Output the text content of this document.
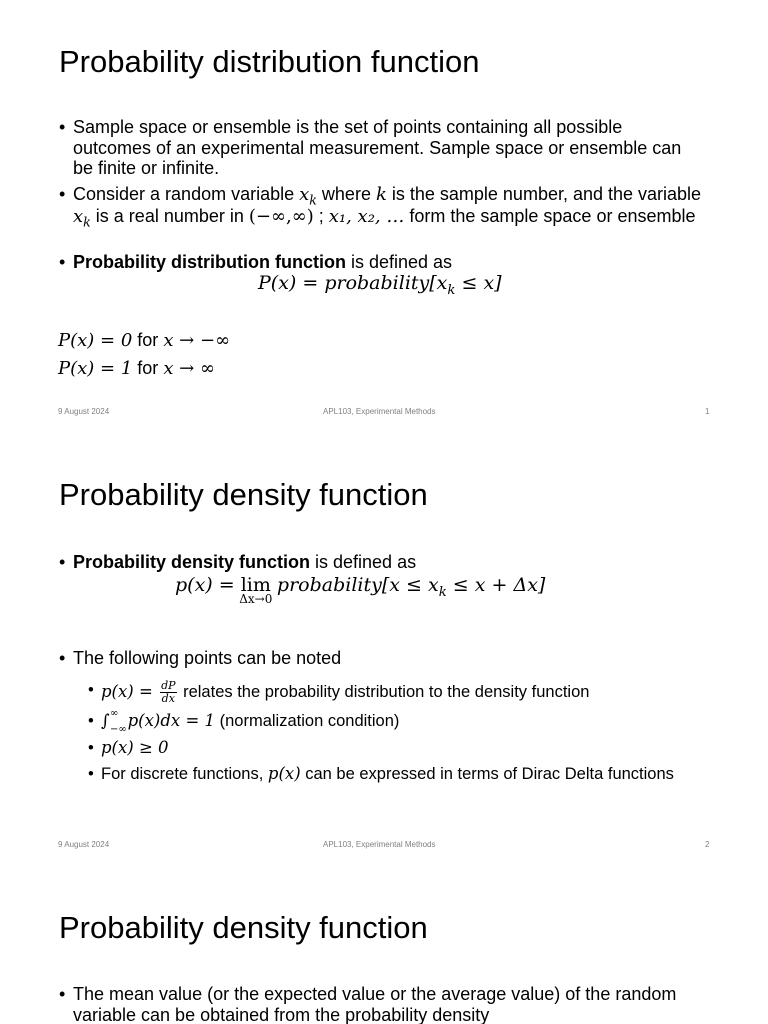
Probability distribution function
• Sample space or ensemble is the set of points containing all possible outcomes of an experimental measurement. Sample space or ensemble can be finite or infinite.
• Consider a random variable $x_k$ where k is the sample number, and the variable $x_k$ is a real number in (−∞,∞) ; x₁, x₂, … form the sample space or ensemble
• Probability distribution function is defined as
$P(x) = probability[x_k \le x]$
P(x) = 0 for x → −∞
P(x) = 1 for x → ∞
9 August 2024	APL103, Experimental Methods	1
Probability density function
• Probability density function is defined as
p(x) = lim
Δx→0
probability[x ≤ $x_k \le x + \Delta x$]
• The following points can be noted
• $p(x) = \frac{dP}{dx}$ relates the probability distribution to the density function
• ∫ ∞
−∞ p(x)dx = 1 (normalization condition)
• p(x) ≥ 0
• For discrete functions, p(x) can be expressed in terms of Dirac Delta functions
9 August 2024	APL103, Experimental Methods	2
Probability density function
• The mean value (or the expected value or the average value) of the random variable can be obtained from the probability density
